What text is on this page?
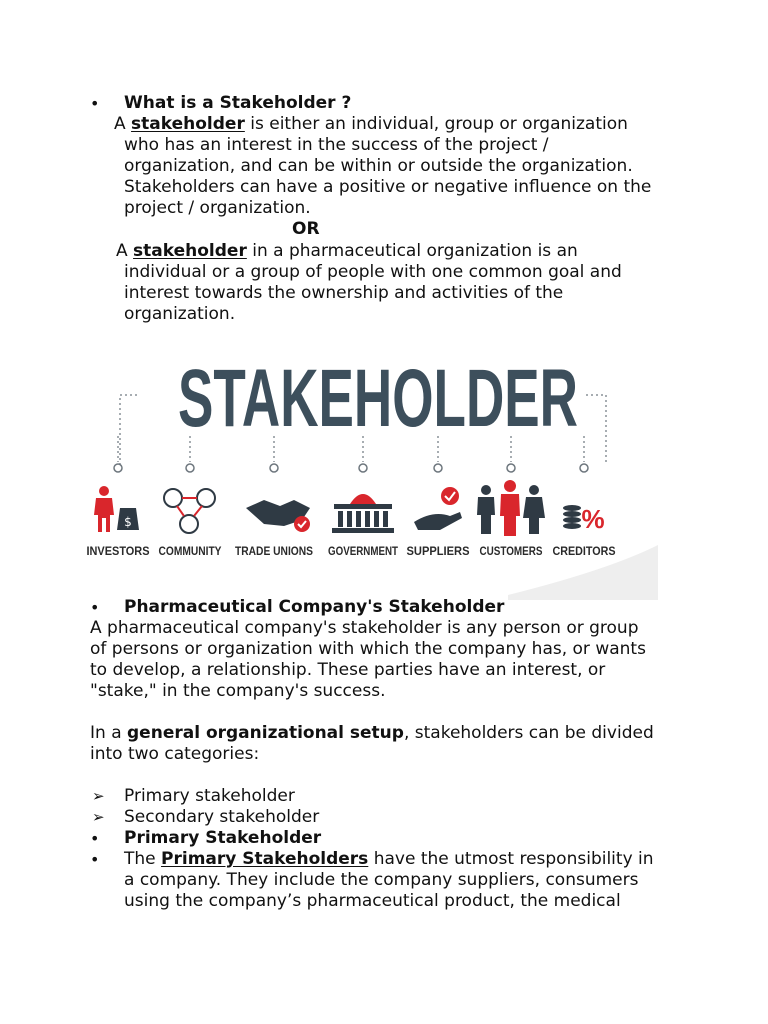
• What is a Stakeholder ?
A stakeholder is either an individual, group or organization
who has an interest in the success of the project /
organization, and can be within or outside the organization.
Stakeholders can have a positive or negative influence on the
project / organization.
OR
A stakeholder in a pharmaceutical organization is an
individual or a group of people with one common goal and
interest towards the ownership and activities of the
organization.
STAKEHOLDER
$	%
INVESTORS COMMUNITY TRADE UNIONS GOVERNMENT SUPPLIERS CUSTOMERS CREDITORS
• Pharmaceutical Company's Stakeholder
A pharmaceutical company's stakeholder is any person or group
of persons or organization with which the company has, or wants
to develop, a relationship. These parties have an interest, or
"stake," in the company's success.
In a general organizational setup, stakeholders can be divided
into two categories:
➢ Primary stakeholder
➢ Secondary stakeholder
• Primary Stakeholder
• The Primary Stakeholders have the utmost responsibility in
a company. They include the company suppliers, consumers
using the company’s pharmaceutical product, the medical
